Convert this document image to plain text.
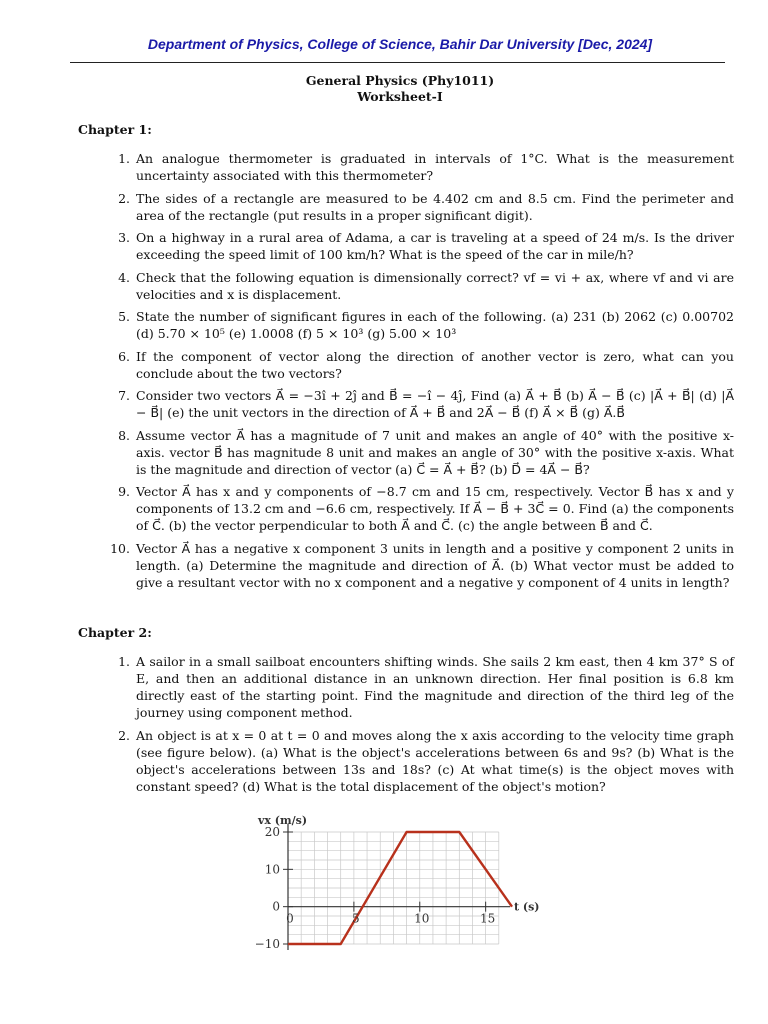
Department of Physics, College of Science, Bahir Dar University [Dec, 2024]
General Physics (Phy1011)
Worksheet-I
Chapter 1:
1. An analogue thermometer is graduated in intervals of 1°C. What is the measurement uncertainty associated with this thermometer?
2. The sides of a rectangle are measured to be 4.402 cm and 8.5 cm. Find the perimeter and area of the rectangle (put results in a proper significant digit).
3. On a highway in a rural area of Adama, a car is traveling at a speed of 24 m/s. Is the driver exceeding the speed limit of 100 km/h? What is the speed of the car in mile/h?
4. Check that the following equation is dimensionally correct? vf = vi + ax, where vf and vi are velocities and x is displacement.
5. State the number of significant figures in each of the following. (a) 231 (b) 2062 (c) 0.00702 (d) 5.70 × 10⁵ (e) 1.0008 (f) 5 × 10³ (g) 5.00 × 10³
6. If the component of vector along the direction of another vector is zero, what can you conclude about the two vectors?
7. Consider two vectors A⃗ = −3î + 2ĵ and B⃗ = −î − 4ĵ, Find (a) A⃗ + B⃗ (b) A⃗ − B⃗ (c) |A⃗ + B⃗| (d) |A⃗ − B⃗| (e) the unit vectors in the direction of A⃗ + B⃗ and 2A⃗ − B⃗ (f) A⃗ × B⃗ (g) A⃗.B⃗
8. Assume vector A⃗ has a magnitude of 7 unit and makes an angle of 40° with the positive x-axis. vector B⃗ has magnitude 8 unit and makes an angle of 30° with the positive x-axis. What is the magnitude and direction of vector (a) C⃗ = A⃗ + B⃗? (b) D⃗ = 4A⃗ − B⃗?
9. Vector A⃗ has x and y components of −8.7 cm and 15 cm, respectively. Vector B⃗ has x and y components of 13.2 cm and −6.6 cm, respectively. If A⃗ − B⃗ + 3C⃗ = 0. Find (a) the components of C⃗. (b) the vector perpendicular to both A⃗ and C⃗. (c) the angle between B⃗ and C⃗.
10. Vector A⃗ has a negative x component 3 units in length and a positive y component 2 units in length. (a) Determine the magnitude and direction of A⃗. (b) What vector must be added to give a resultant vector with no x component and a negative y component of 4 units in length?
Chapter 2:
1. A sailor in a small sailboat encounters shifting winds. She sails 2 km east, then 4 km 37° S of E, and then an additional distance in an unknown direction. Her final position is 6.8 km directly east of the starting point. Find the magnitude and direction of the third leg of the journey using component method.
2. An object is at x = 0 at t = 0 and moves along the x axis according to the velocity time graph (see figure below). (a) What is the object's accelerations between 6s and 9s? (b) What is the object's accelerations between 13s and 18s? (c) At what time(s) is the object moves with constant speed? (d) What is the total displacement of the object's motion?
20
10
0
−10
0	5	10	15
vx (m/s)
t (s)
